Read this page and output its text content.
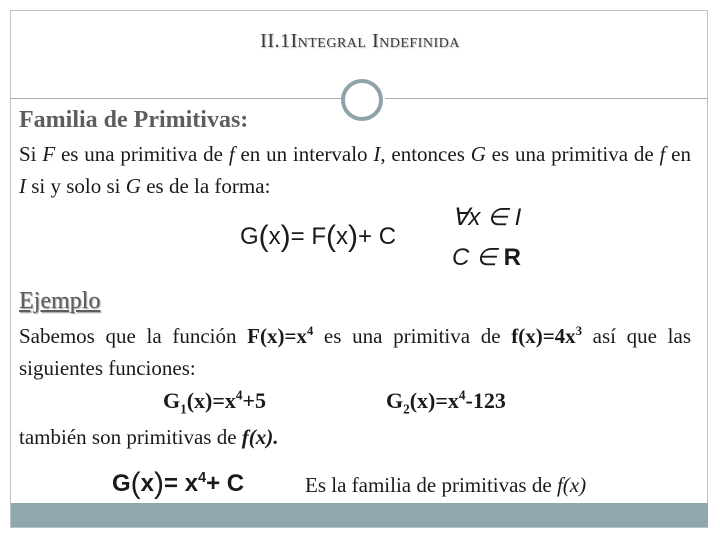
II.1Integral Indefinida
Familia de Primitivas:
Si F es una primitiva de f en un intervalo I, entonces G es una primitiva de f en I si y solo si G es de la forma:
G(x)= F(x)+ C
∀x ∈ I
C ∈ R
Ejemplo
Sabemos que la función $F(x)=x^4$ es una primitiva de $f(x)=4x^3$ así que las siguientes funciones:
$G_1(x)=x^4+5$	$G_2(x)=x^4-123$
también son primitivas de f(x).
$G(x)= x^4+ C$	Es la familia de primitivas de f(x)
